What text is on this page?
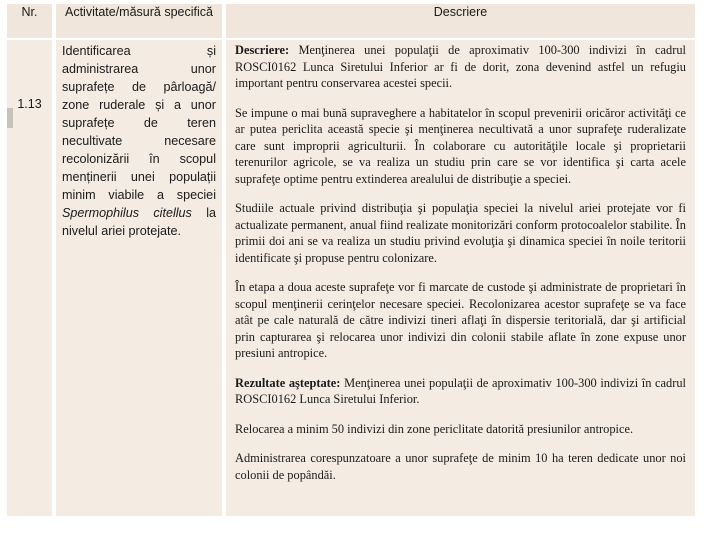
Nr.
1.13
Activitate/măsură specifică
Identificarea și administrarea unor suprafețe de pârloagă/ zone ruderale și a unor suprafețe de teren necultivate necesare recolonizării în scopul menținerii unei populații minim viabile a speciei Spermophilus citellus la nivelul ariei protejate.
Descriere

Descriere: Menţinerea unei populaţii de aproximativ 100-300 indivizi în cadrul ROSCI0162 Lunca Siretului Inferior ar fi de dorit, zona devenind astfel un refugiu important pentru conservarea acestei specii.

Se impune o mai bună supraveghere a habitatelor în scopul prevenirii oricăror activităţi ce ar putea periclita această specie şi menţinerea necultivată a unor suprafeţe ruderalizate care sunt improprii agriculturii. În colaborare cu autorităţile locale şi proprietarii terenurilor agricole, se va realiza un studiu prin care se vor identifica şi carta acele suprafeţe optime pentru extinderea arealului de distribuţie a speciei.

Studiile actuale privind distribuţia şi populaţia speciei la nivelul ariei protejate vor fi actualizate permanent, anual fiind realizate monitorizări conform protocoalelor stabilite. În primii doi ani se va realiza un studiu privind evoluţia şi dinamica speciei în noile teritorii identificate şi propuse pentru colonizare.

În etapa a doua aceste suprafeţe vor fi marcate de custode şi administrate de proprietari în scopul menţinerii cerinţelor necesare speciei. Recolonizarea acestor suprafeţe se va face atât pe cale naturală de către indivizi tineri aflaţi în dispersie teritorială, dar şi artificial prin capturarea şi relocarea unor indivizi din colonii stabile aflate în zone expuse unor presiuni antropice.

Rezultate aşteptate: Menţinerea unei populaţii de aproximativ 100-300 indivizi în cadrul ROSCI0162 Lunca Siretului Inferior.

Relocarea a minim 50 indivizi din zone periclitate datorită presiunilor antropice.

Administrarea corespunzatoare a unor suprafeţe de minim 10 ha teren dedicate unor noi colonii de popândăi.
